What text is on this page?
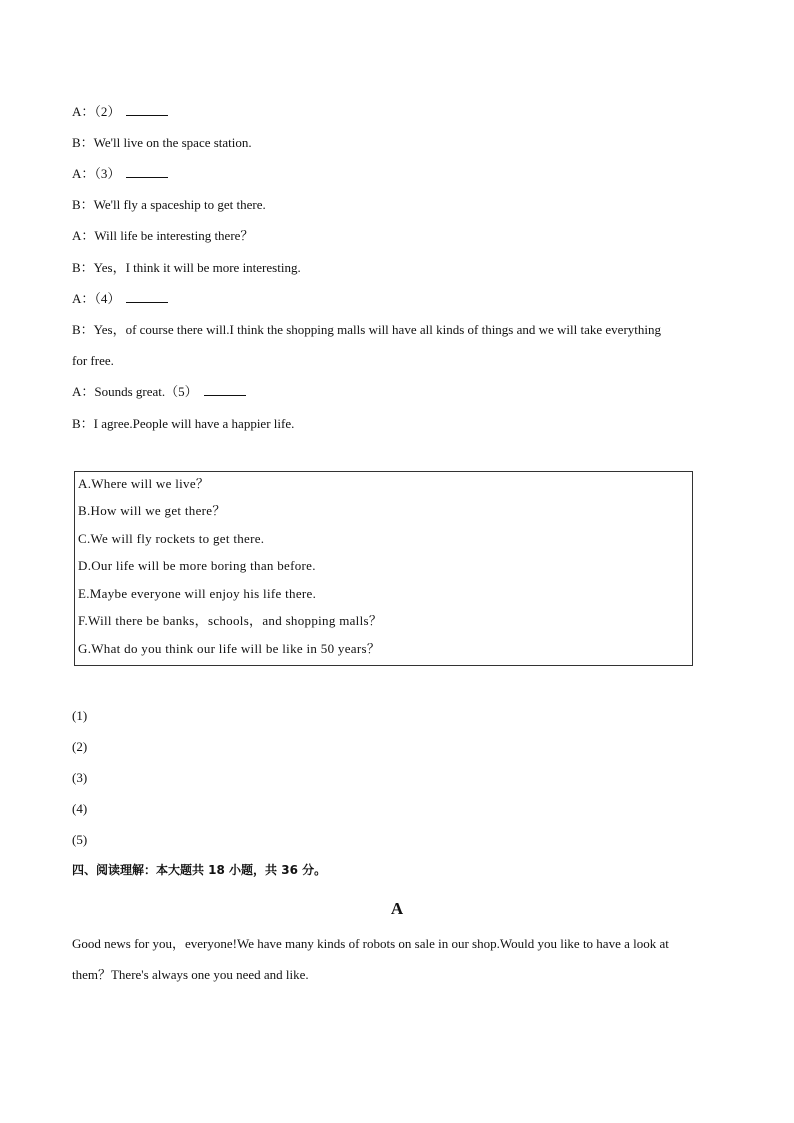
A：（2）
B：We'll live on the space station.
A：（3）
B：We'll fly a spaceship to get there.
A：Will life be interesting there？
B：Yes，I think it will be more interesting.
A：（4）
B：Yes，of course there will.I think the shopping malls will have all kinds of things and we will take everything
for free.
A：Sounds great.（5）
B：I agree.People will have a happier life.
A.Where will we live？
B.How will we get there？
C.We will fly rockets to get there.
D.Our life will be more boring than before.
E.Maybe everyone will enjoy his life there.
F.Will there be banks，schools，and shopping malls？
G.What do you think our life will be like in 50 years？
(1)
(2)
(3)
(4)
(5)
四、阅读理解：本大题共 18 小题，共 36 分。
A
Good news for you，everyone!We have many kinds of robots on sale in our shop.Would you like to have a look at
them？There's always one you need and like.
